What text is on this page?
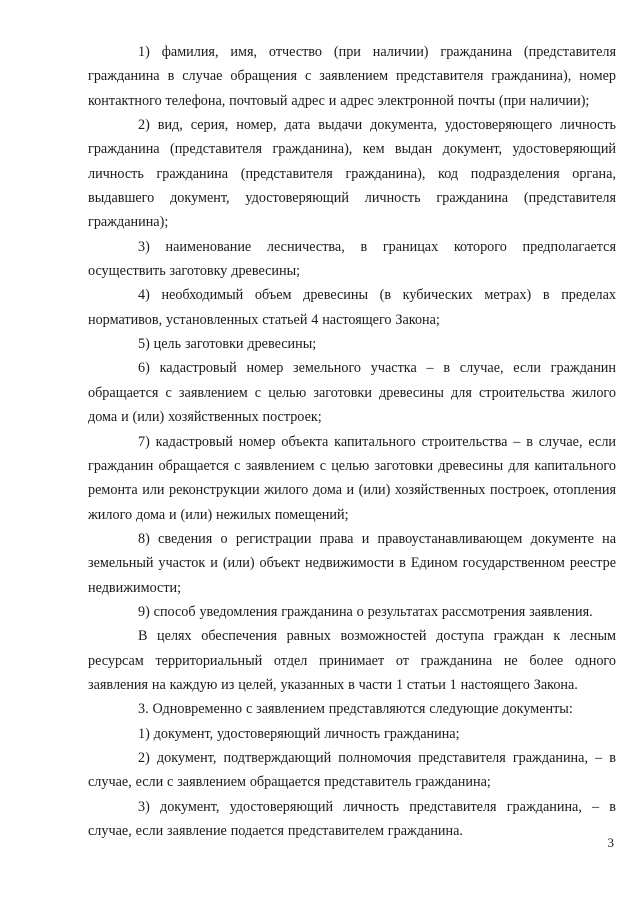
1) фамилия, имя, отчество (при наличии) гражданина (представителя гражданина в случае обращения с заявлением представителя гражданина), номер контактного телефона, почтовый адрес и адрес электронной почты (при наличии);

2) вид, серия, номер, дата выдачи документа, удостоверяющего личность гражданина (представителя гражданина), кем выдан документ, удостоверяющий личность гражданина (представителя гражданина), код подразделения органа, выдавшего документ, удостоверяющий личность гражданина (представителя гражданина);

3) наименование лесничества, в границах которого предполагается осуществить заготовку древесины;

4) необходимый объем древесины (в кубических метрах) в пределах нормативов, установленных статьей 4 настоящего Закона;

5) цель заготовки древесины;

6) кадастровый номер земельного участка – в случае, если гражданин обращается с заявлением с целью заготовки древесины для строительства жилого дома и (или) хозяйственных построек;

7) кадастровый номер объекта капитального строительства – в случае, если гражданин обращается с заявлением с целью заготовки древесины для капитального ремонта или реконструкции жилого дома и (или) хозяйственных построек, отопления жилого дома и (или) нежилых помещений;

8) сведения о регистрации права и правоустанавливающем документе на земельный участок и (или) объект недвижимости в Едином государственном реестре недвижимости;

9) способ уведомления гражданина о результатах рассмотрения заявления.

В целях обеспечения равных возможностей доступа граждан к лесным ресурсам территориальный отдел принимает от гражданина не более одного заявления на каждую из целей, указанных в части 1 статьи 1 настоящего Закона.

3. Одновременно с заявлением представляются следующие документы:

1) документ, удостоверяющий личность гражданина;

2) документ, подтверждающий полномочия представителя гражданина, – в случае, если с заявлением обращается представитель гражданина;

3) документ, удостоверяющий личность представителя гражданина, – в случае, если заявление подается представителем гражданина.

3
